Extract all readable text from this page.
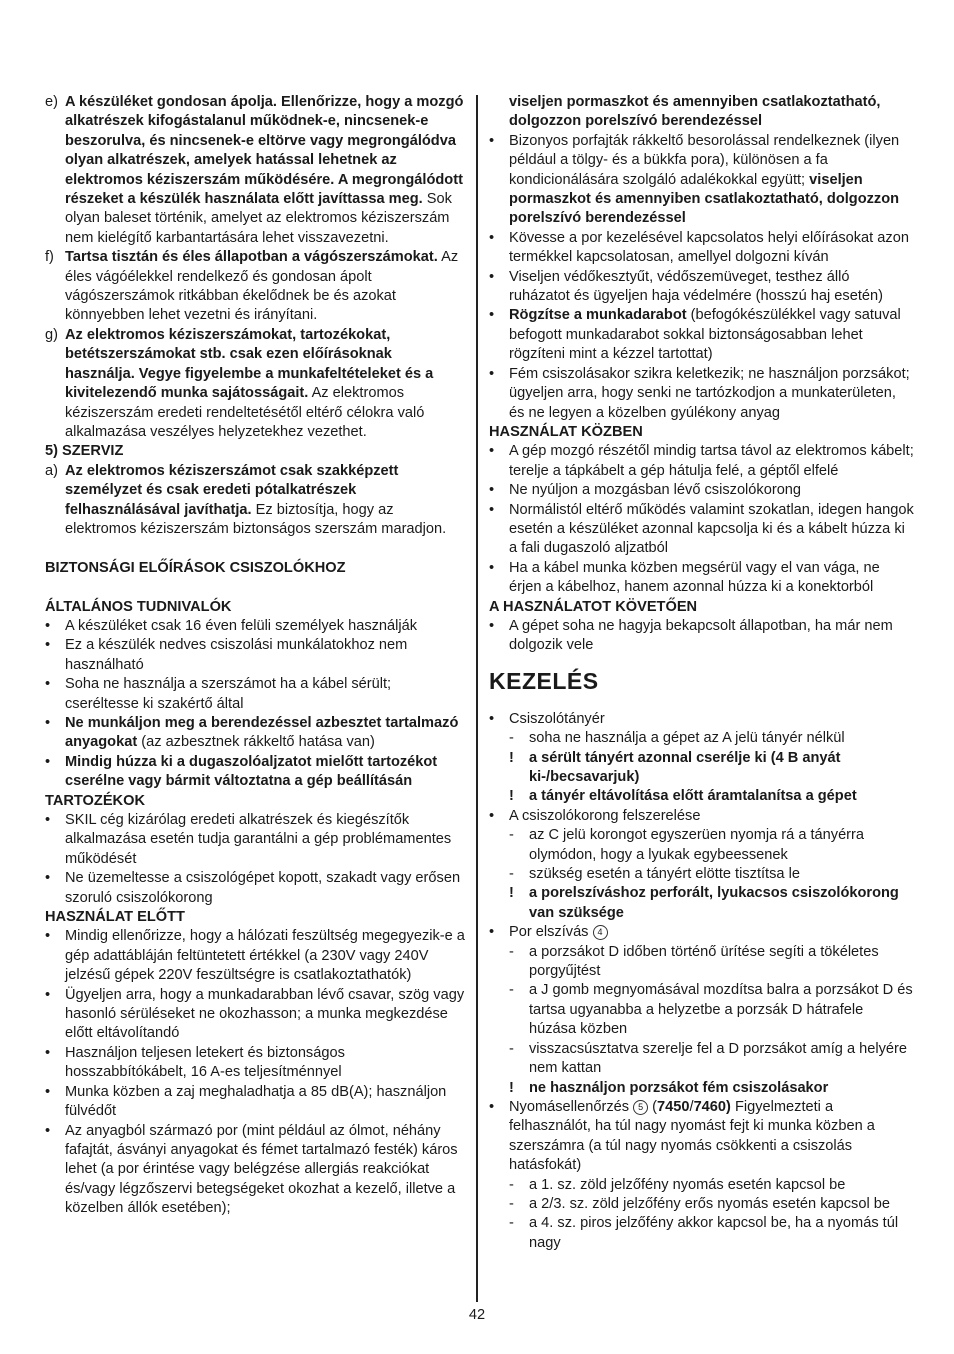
e) A készüléket gondosan ápolja. Ellenőrizze, hogy a mozgó alkatrészek kifogástalanul működnek-e, nincsenek-e beszorulva, és nincsenek-e eltörve vagy megrongálódva olyan alkatrészek, amelyek hatással lehetnek az elektromos kéziszerszám működésére. A megrongálódott részeket a készülék használata előtt javíttassa meg. Sok olyan baleset történik, amelyet az elektromos kéziszerszám nem kielégítő karbantartására lehet visszavezetni.
f) Tartsa tisztán és éles állapotban a vágószerszámokat. Az éles vágóélekkel rendelkező és gondosan ápolt vágószerszámok ritkábban ékelődnek be és azokat könnyebben lehet vezetni és irányítani.
g) Az elektromos kéziszerszámokat, tartozékokat, betétszerszámokat stb. csak ezen előírásoknak használja. Vegye figyelembe a munkafeltételeket és a kivitelezendő munka sajátosságait. Az elektromos kéziszerszám eredeti rendeltetésétől eltérő célokra való alkalmazása veszélyes helyzetekhez vezethet.
5) SZERVIZ
a) Az elektromos kéziszerszámot csak szakképzett személyzet és csak eredeti pótalkatrészek felhasználásával javíthatja. Ez biztosítja, hogy az elektromos kéziszerszám biztonságos szerszám maradjon.
BIZTONSÁGI ELŐÍRÁSOK CSISZOLÓKHOZ
ÁLTALÁNOS TUDNIVALÓK
• A készüléket csak 16 éven felüli személyek használják
• Ez a készülék nedves csiszolási munkálatokhoz nem használható
• Soha ne használja a szerszámot ha a kábel sérült; cseréltesse ki szakértő által
• Ne munkáljon meg a berendezéssel azbesztet tartalmazó anyagokat (az azbesztnek rákkeltő hatása van)
• Mindig húzza ki a dugaszolóaljzatot mielőtt tartozékot cserélne vagy bármit változtatna a gép beállításán
TARTOZÉKOK
• SKIL cég kizárólag eredeti alkatrészek és kiegészítők alkalmazása esetén tudja garantálni a gép problémamentes működését
• Ne üzemeltesse a csiszológépet kopott, szakadt vagy erősen szoruló csiszolókorong
HASZNÁLAT ELŐTT
• Mindig ellenőrizze, hogy a hálózati feszültség megegyezik-e a gép adattábláján feltüntetett értékkel (a 230V vagy 240V jelzésű gépek 220V feszültségre is csatlakoztathatók)
• Ügyeljen arra, hogy a munkadarabban lévő csavar, szög vagy hasonló sérüléseket ne okozhasson; a munka megkezdése előtt eltávolítandó
• Használjon teljesen letekert és biztonságos hosszabbítókábelt, 16 A-es teljesítménnyel
• Munka közben a zaj meghaladhatja a 85 dB(A); használjon fülvédőt
• Az anyagból származó por (mint például az ólmot, néhány fafajtát, ásványi anyagokat és fémet tartalmazó festék) káros lehet (a por érintése vagy belégzése allergiás reakciókat és/vagy légzőszervi betegségeket okozhat a kezelő, illetve a közelben állók esetében);
viseljen pormaszkot és amennyiben csatlakoztatható, dolgozzon porelszívó berendezéssel
• Bizonyos porfajták rákkeltő besorolással rendelkeznek (ilyen például a tölgy- és a bükkfa pora), különösen a fa kondicionálására szolgáló adalékokkal együtt; viseljen pormaszkot és amennyiben csatlakoztatható, dolgozzon porelszívó berendezéssel
• Kövesse a por kezelésével kapcsolatos helyi előírásokat azon termékkel kapcsolatosan, amellyel dolgozni kíván
• Viseljen védőkesztyűt, védőszemüveget, testhez álló ruházatot és ügyeljen haja védelmére (hosszú haj esetén)
• Rögzítse a munkadarabot (befogókészülékkel vagy satuval befogott munkadarabot sokkal biztonságosabban lehet rögzíteni mint a kézzel tartottat)
• Fém csiszolásakor szikra keletkezik; ne használjon porzsákot; ügyeljen arra, hogy senki ne tartózkodjon a munkaterületen, és ne legyen a közelben gyúlékony anyag
HASZNÁLAT KÖZBEN
• A gép mozgó részétől mindig tartsa távol az elektromos kábelt; terelje a tápkábelt a gép hátulja felé, a géptől elfelé
• Ne nyúljon a mozgásban lévő csiszolókorong
• Normálistól eltérő működés valamint szokatlan, idegen hangok esetén a készüléket azonnal kapcsolja ki és a kábelt húzza ki a fali dugaszoló aljzatból
• Ha a kábel munka közben megsérül vagy el van vága, ne érjen a kábelhoz, hanem azonnal húzza ki a konektorból
A HASZNÁLATOT KÖVETŐEN
• A gépet soha ne hagyja bekapcsolt állapotban, ha már nem dolgozik vele
KEZELÉS
• Csiszolótányér
- soha ne használja a gépet az A jelü tányér nélkül
! a sérült tányért azonnal cserélje ki (4 B anyát ki-/becsavarjuk)
! a tányér eltávolítása előtt áramtalanítsa a gépet
• A csiszolókorong felszerelése
- az C jelü korongot egyszerüen nyomja rá a tányérra olymódon, hogy a lyukak egybeessenek
- szükség esetén a tányért elötte tisztítsa le
! a porelszíváshoz perforált, lyukacsos csiszolókorong van szüksége
• Por elszívás 4
- a porzsákot D időben történő ürítése segíti a tökéletes porgyűjtést
- a J gomb megnyomásával mozdítsa balra a porzsákot D és tartsa ugyanabba a helyzetbe a porzsák D hátrafele húzása közben
- visszacsúsztatva szerelje fel a D porzsákot amíg a helyére nem kattan
! ne használjon porzsákot fém csiszolásakor
• Nyomásellenőrzés 5 (7450/7460) Figyelmezteti a felhasználót, ha túl nagy nyomást fejt ki munka közben a szerszámra (a túl nagy nyomás csökkenti a csiszolás hatásfokát)
- a 1. sz. zöld jelzőfény nyomás esetén kapcsol be
- a 2/3. sz. zöld jelzőfény erős nyomás esetén kapcsol be
- a 4. sz. piros jelzőfény akkor kapcsol be, ha a nyomás túl nagy
42
